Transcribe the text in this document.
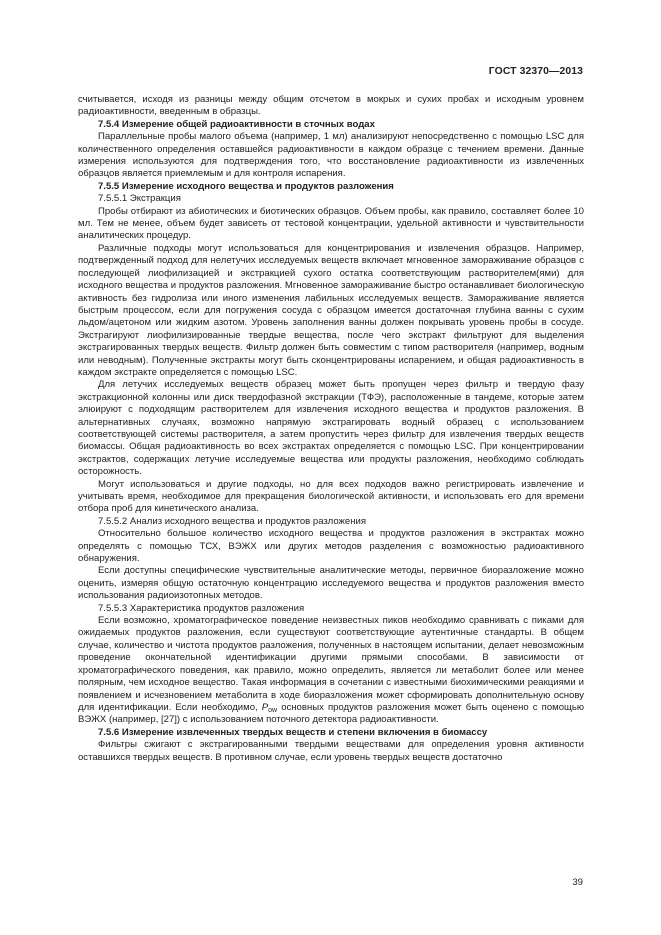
ГОСТ 32370—2013

считывается, исходя из разницы между общим отсчетом в мокрых и сухих пробах и исходным уровнем радиоактивности, введенным в образцы.

7.5.4 Измерение общей радиоактивности в сточных водах

Параллельные пробы малого объема (например, 1 мл) анализируют непосредственно с помощью LSC для количественного определения оставшейся радиоактивности в каждом образце с течением времени. Данные измерения используются для подтверждения того, что восстановление радиоактивности из извлеченных образцов является приемлемым и для контроля испарения.

7.5.5 Измерение исходного вещества и продуктов разложения

7.5.5.1 Экстракция

Пробы отбирают из абиотических и биотических образцов. Объем пробы, как правило, составляет более 10 мл. Тем не менее, объем будет зависеть от тестовой концентрации, удельной активности и чувствительности аналитических процедур.

Различные подходы могут использоваться для концентрирования и извлечения образцов. Например, подтвержденный подход для нелетучих исследуемых веществ включает мгновенное замораживание образцов с последующей лиофилизацией и экстракцией сухого остатка соответствующим растворителем(ями) для исходного вещества и продуктов разложения. Мгновенное замораживание быстро останавливает биологическую активность без гидролиза или иного изменения лабильных исследуемых веществ. Замораживание является быстрым процессом, если для погружения сосуда с образцом имеется достаточная глубина ванны с сухим льдом/ацетоном или жидким азотом. Уровень заполнения ванны должен покрывать уровень пробы в сосуде. Экстрагируют лиофилизированные твердые вещества, после чего экстракт фильтруют для выделения экстрагированных твердых веществ. Фильтр должен быть совместим с типом растворителя (например, водным или неводным). Полученные экстракты могут быть сконцентрированы испарением, и общая радиоактивность в каждом экстракте определяется с помощью LSC.

Для летучих исследуемых веществ образец может быть пропущен через фильтр и твердую фазу экстракционной колонны или диск твердофазной экстракции (ТФЭ), расположенные в тандеме, которые затем элюируют с подходящим растворителем для извлечения исходного вещества и продуктов разложения. В альтернативных случаях, возможно напрямую экстрагировать водный образец с использованием соответствующей системы растворителя, а затем пропустить через фильтр для извлечения твердых веществ биомассы. Общая радиоактивность во всех экстрактах определяется с помощью LSC. При концентрировании экстрактов, содержащих летучие исследуемые вещества или продукты разложения, необходимо соблюдать осторожность.

Могут использоваться и другие подходы, но для всех подходов важно регистрировать извлечение и учитывать время, необходимое для прекращения биологической активности, и использовать его для времени отбора проб для кинетического анализа.

7.5.5.2 Анализ исходного вещества и продуктов разложения

Относительно большое количество исходного вещества и продуктов разложения в экстрактах можно определять с помощью ТСХ, ВЭЖХ или других методов разделения с возможностью радиоактивного обнаружения.

Если доступны специфические чувствительные аналитические методы, первичное биоразложение можно оценить, измеряя общую остаточную концентрацию исследуемого вещества и продуктов разложения вместо использования радиоизотопных методов.

7.5.5.3 Характеристика продуктов разложения

Если возможно, хроматографическое поведение неизвестных пиков необходимо сравнивать с пиками для ожидаемых продуктов разложения, если существуют соответствующие аутентичные стандарты. В общем случае, количество и чистота продуктов разложения, полученных в настоящем испытании, делает невозможным проведение окончательной идентификации другими прямыми способами. В зависимости от хроматографического поведения, как правило, можно определить, является ли метаболит более или менее полярным, чем исходное вещество. Такая информация в сочетании с известными биохимическими реакциями и появлением и исчезновением метаболита в ходе биоразложения может сформировать дополнительную основу для идентификации. Если необходимо, $P_{ow}$ основных продуктов разложения может быть оценено с помощью ВЭЖХ (например, [27]) с использованием поточного детектора радиоактивности.

7.5.6 Измерение извлеченных твердых веществ и степени включения в биомассу

Фильтры сжигают с экстрагированными твердыми веществами для определения уровня активности оставшихся твердых веществ. В противном случае, если уровень твердых веществ достаточно

39
